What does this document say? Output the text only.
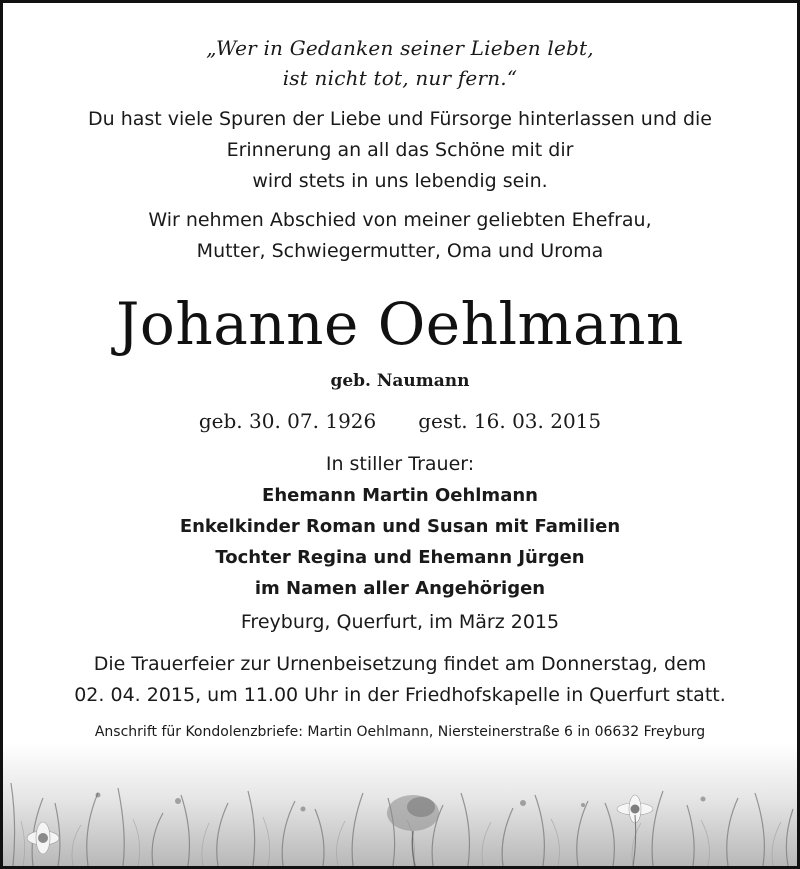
„Wer in Gedanken seiner Lieben lebt,
ist nicht tot, nur fern.“
Du hast viele Spuren der Liebe und Fürsorge hinterlassen und die
Erinnerung an all das Schöne mit dir
wird stets in uns lebendig sein.
Wir nehmen Abschied von meiner geliebten Ehefrau,
Mutter, Schwiegermutter, Oma und Uroma
Johanne Oehlmann
geb. Naumann
geb. 30. 07. 1926 gest. 16. 03. 2015
In stiller Trauer:
Ehemann Martin Oehlmann
Enkelkinder Roman und Susan mit Familien
Tochter Regina und Ehemann Jürgen
im Namen aller Angehörigen
Freyburg, Querfurt, im März 2015
Die Trauerfeier zur Urnenbeisetzung findet am Donnerstag, dem
02. 04. 2015, um 11.00 Uhr in der Friedhofskapelle in Querfurt statt.
Anschrift für Kondolenzbriefe: Martin Oehlmann, Niersteinerstraße 6 in 06632 Freyburg
